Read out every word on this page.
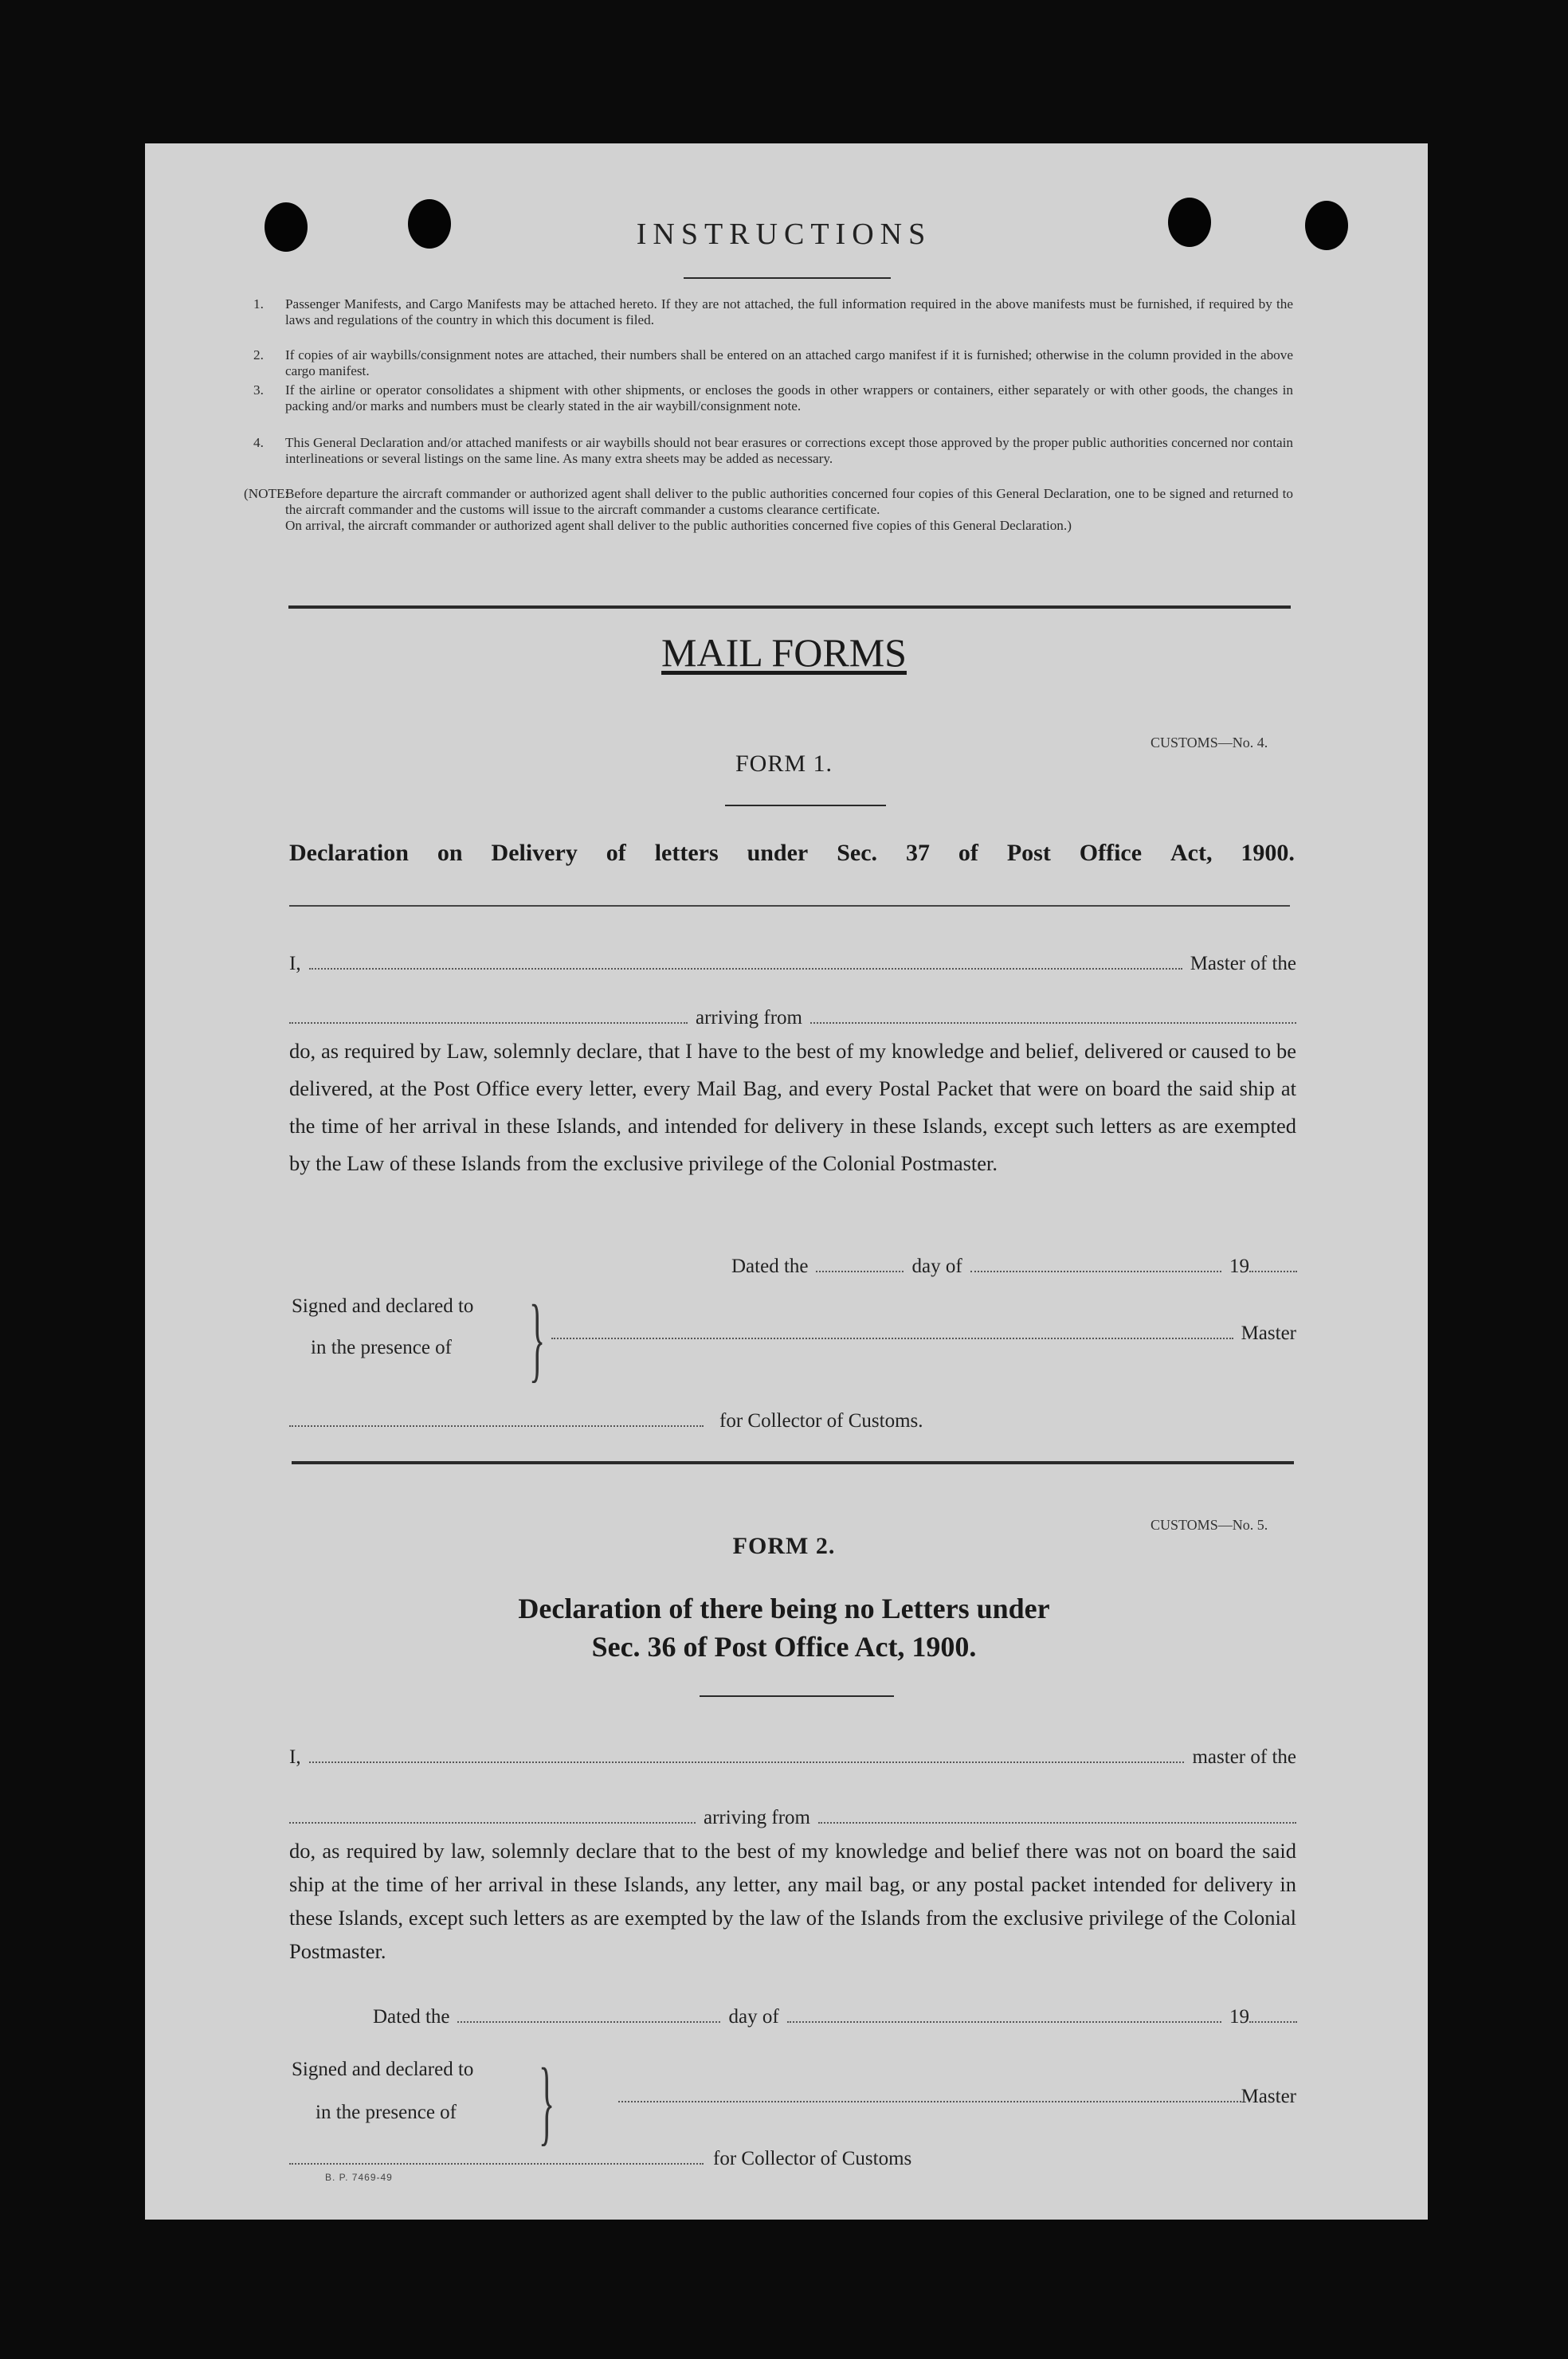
INSTRUCTIONS
1. Passenger Manifests, and Cargo Manifests may be attached hereto. If they are not attached, the full information required in the above manifests must be furnished, if required by the laws and regulations of the country in which this document is filed.
2. If copies of air waybills/consignment notes are attached, their numbers shall be entered on an attached cargo manifest if it is furnished; otherwise in the column provided in the above cargo manifest.
3. If the airline or operator consolidates a shipment with other shipments, or encloses the goods in other wrappers or containers, either separately or with other goods, the changes in packing and/or marks and numbers must be clearly stated in the air waybill/consignment note.
4. This General Declaration and/or attached manifests or air waybills should not bear erasures or corrections except those approved by the proper public authorities concerned nor contain interlineations or several listings on the same line. As many extra sheets may be added as necessary.
(NOTE:
Before departure the aircraft commander or authorized agent shall deliver to the public authorities concerned four copies of this General Declaration, one to be signed and returned to the aircraft commander and the customs will issue to the aircraft commander a customs clearance certificate.
On arrival, the aircraft commander or authorized agent shall deliver to the public authorities concerned five copies of this General Declaration.)
MAIL FORMS
CUSTOMS—No. 4.
FORM 1.
Declaration on Delivery of letters under Sec. 37 of Post Office Act, 1900.
I,	Master of the
arriving from

do, as required by Law, solemnly declare, that I have to the best of my knowledge and belief, delivered or caused to be delivered, at the Post Office every letter, every Mail Bag, and every Postal Packet that were on board the said ship at the time of her arrival in these Islands, and intended for delivery in these Islands, except such letters as are exempted by the Law of these Islands from the exclusive privilege of the Colonial Postmaster.

Dated the	day of	19
Signed and declared to
in the presence of }	Master
for Collector of Customs.
CUSTOMS—No. 5.
FORM 2.
Declaration of there being no Letters under
Sec. 36 of Post Office Act, 1900.
I,	master of the
arriving from

do, as required by law, solemnly declare that to the best of my knowledge and belief there was not on board the said ship at the time of her arrival in these Islands, any letter, any mail bag, or any postal packet intended for delivery in these Islands, except such letters as are exempted by the law of the Islands from the exclusive privilege of the Colonial Postmaster.

Dated the	day of	19
Signed and declared to
in the presence of }	Master
for Collector of Customs
B. P. 7469-49
